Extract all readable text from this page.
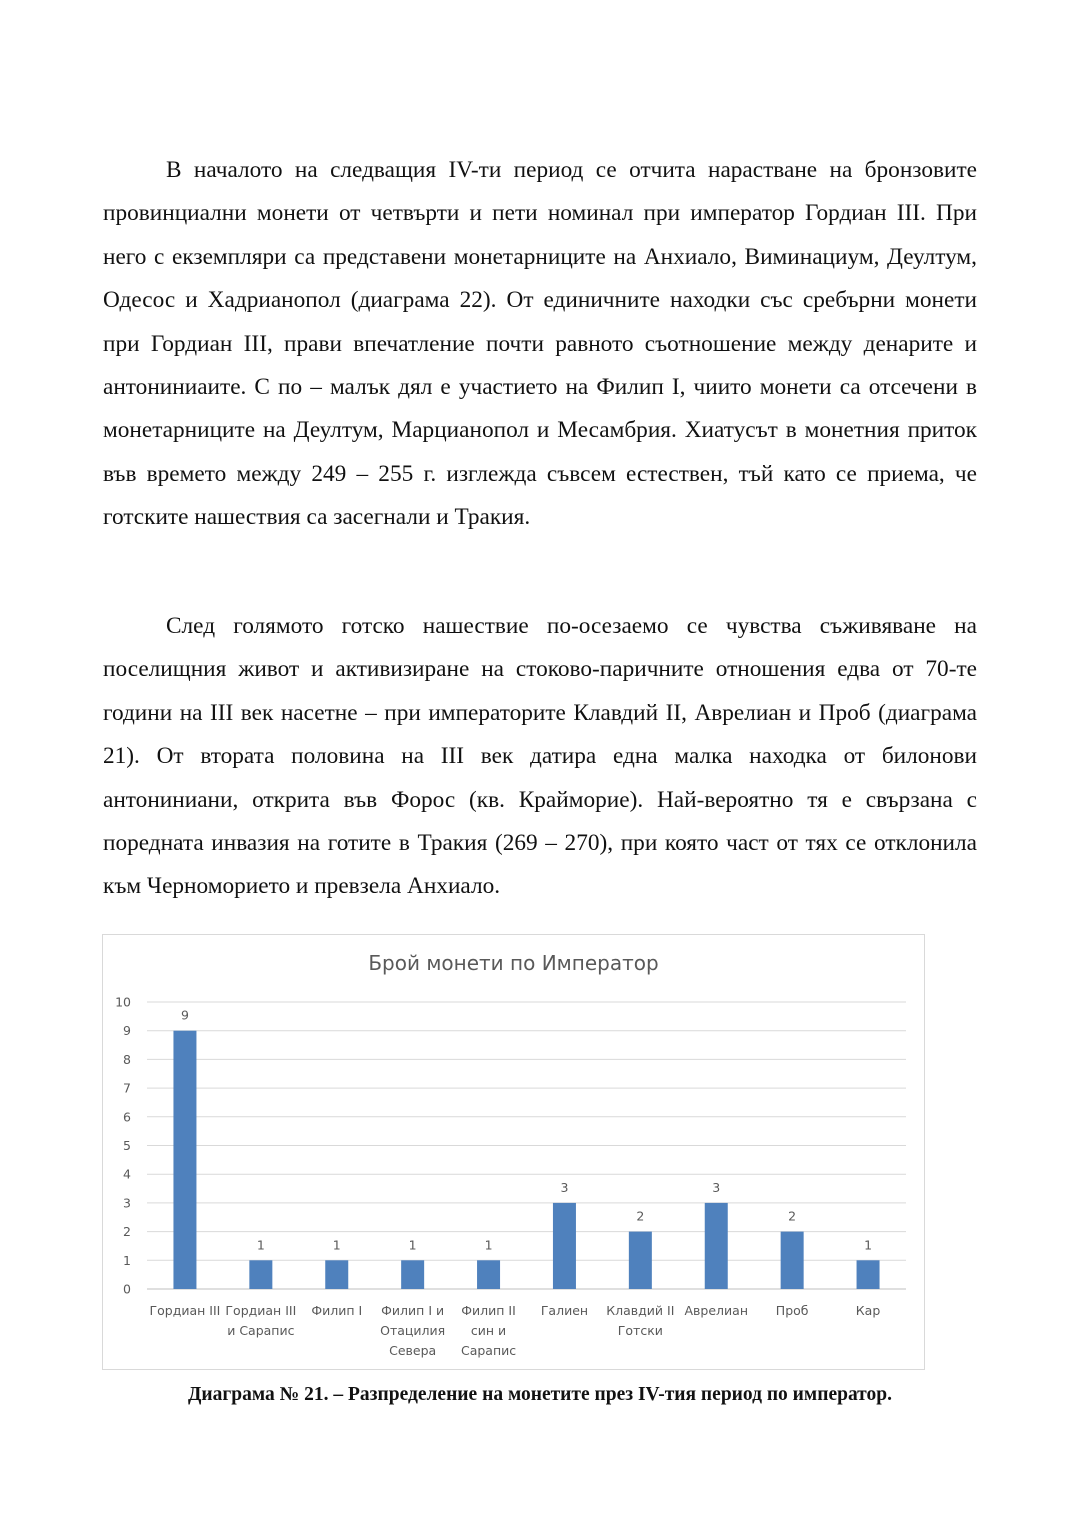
В началото на следващия IV-ти период се отчита нарастване на бронзовите провинциални монети от четвърти и пети номинал при император Гордиан III. При него с екземпляри са представени монетарниците на Анхиало, Виминациум, Деултум, Одесос и Хадрианопол (диаграма 22). От единичните находки със сребърни монети при Гордиан III, прави впечатление почти равното съотношение между денарите и антониниаите. С по – малък дял е участието на Филип I, чиито монети са отсечени в монетарниците на Деултум, Марцианопол и Месамбрия. Хиатусът в монетния приток във времето между 249 – 255 г. изглежда съвсем естествен, тъй като се приема, че готските нашествия са засегнали и Тракия.

След голямото готско нашествие по-осезаемо се чувства съживяване на поселищния живот и активизиране на стоково-паричните отношения едва от 70-те години на III век насетне – при императорите Клавдий II, Аврелиан и Проб (диаграма 21). От втората половина на III век датира една малка находка от билонови антониниани, открита във Форос (кв. Крайморие). Най-вероятно тя е свързана с поредната инвазия на готите в Тракия (269 – 270), при която част от тях се отклонила към Черноморието и превзела Анхиало.

Брой монети по Император
0
1
2
3
4
5
6
7
8
9
10
9
Гордиан III
1
Гордиан III и Сарапис
1
Филип I
1
Филип I и Отацилия Севера
1
Филип II син и Сарапис
3
Галиен
2
Клавдий II Готски
3
Аврелиан
2
Проб
1
Кар
Диаграма № 21. – Разпределение на монетите през IV-тия период по император.
